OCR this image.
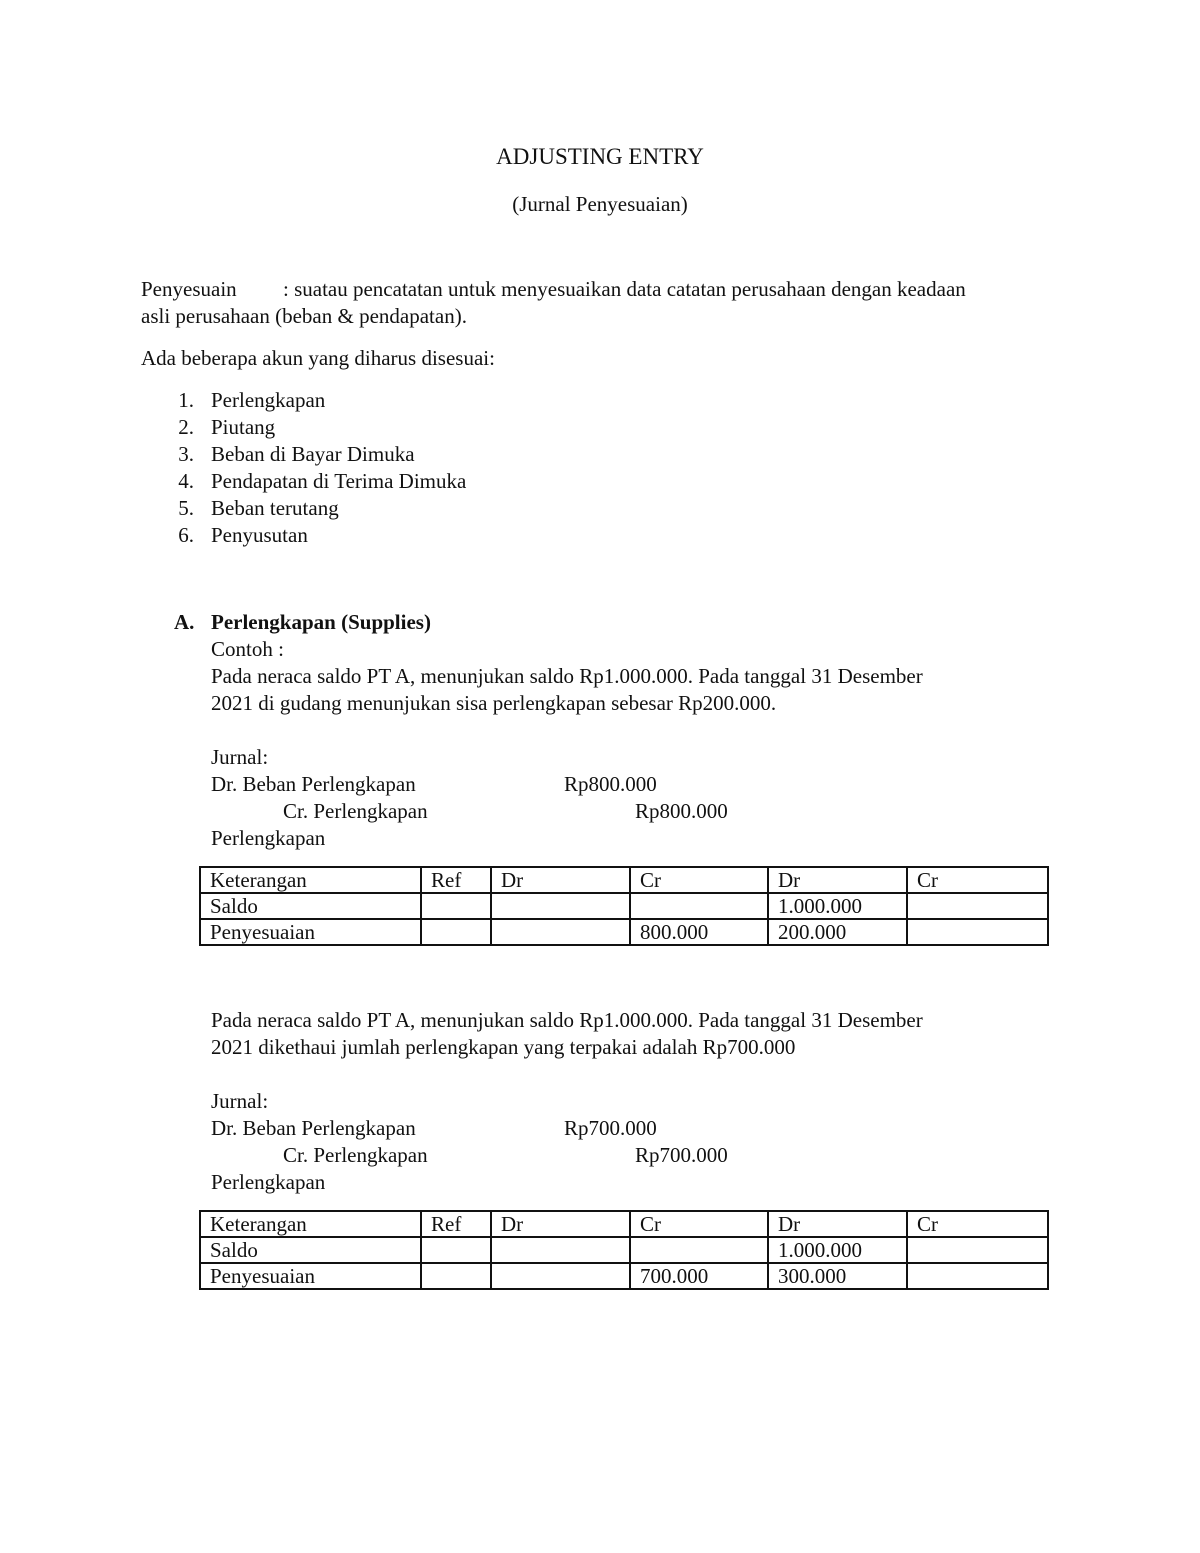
ADJUSTING ENTRY
(Jurnal Penyesuaian)
Penyesuain : suatau pencatatan untuk menyesuaikan data catatan perusahaan dengan keadaan
asli perusahaan (beban & pendapatan).
Ada beberapa akun yang diharus disesuai:
1. Perlengkapan
2. Piutang
3. Beban di Bayar Dimuka
4. Pendapatan di Terima Dimuka
5. Beban terutang
6. Penyusutan
A. Perlengkapan (Supplies)
Contoh :
Pada neraca saldo PT A, menunjukan saldo Rp1.000.000. Pada tanggal 31 Desember
2021 di gudang menunjukan sisa perlengkapan sebesar Rp200.000.
Jurnal:
Dr. Beban Perlengkapan	Rp800.000
Cr. Perlengkapan	Rp800.000
Perlengkapan
Keterangan	Ref	Dr	Cr	Dr	Cr
Saldo				1.000.000	
Penyesuaian			800.000	200.000	
Pada neraca saldo PT A, menunjukan saldo Rp1.000.000. Pada tanggal 31 Desember
2021 dikethaui jumlah perlengkapan yang terpakai adalah Rp700.000
Jurnal:
Dr. Beban Perlengkapan	Rp700.000
Cr. Perlengkapan	Rp700.000
Perlengkapan
Keterangan	Ref	Dr	Cr	Dr	Cr
Saldo				1.000.000	
Penyesuaian			700.000	300.000	
